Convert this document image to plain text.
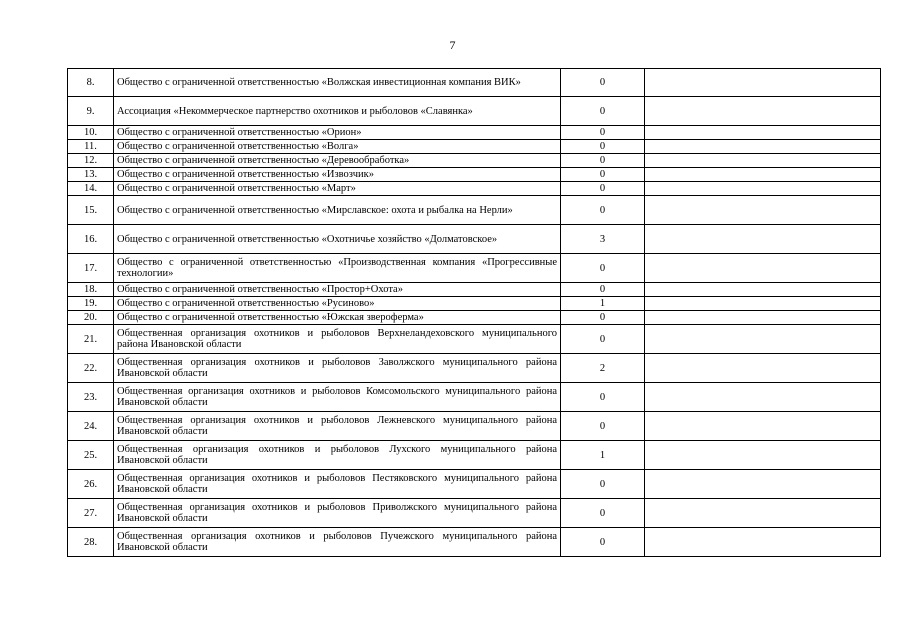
7
8.	Общество с ограниченной ответственностью «Волжская инвестиционная компания ВИК»	0	
9.	Ассоциация «Некоммерческое партнерство охотников и рыболовов «Славянка»	0	
10.	Общество с ограниченной ответственностью «Орион»	0	
11.	Общество с ограниченной ответственностью «Волга»	0	
12.	Общество с ограниченной ответственностью «Деревообработка»	0	
13.	Общество с ограниченной ответственностью «Извозчик»	0	
14.	Общество с ограниченной ответственностью «Март»	0	
15.	Общество с ограниченной ответственностью «Мирславское: охота и рыбалка на Нерли»	0	
16.	Общество с ограниченной ответственностью «Охотничье хозяйство «Долматовское»	3	
17.	Общество с ограниченной ответственностью «Производственная компания «Прогрессивные технологии»	0	
18.	Общество с ограниченной ответственностью «Простор+Охота»	0	
19.	Общество с ограниченной ответственностью «Русиново»	1	
20.	Общество с ограниченной ответственностью «Южская звероферма»	0	
21.	Общественная организация охотников и рыболовов Верхнеландеховского муниципального района Ивановской области	0	
22.	Общественная организация охотников и рыболовов Заволжского муниципального района Ивановской области	2	
23.	Общественная организация охотников и рыболовов Комсомольского муниципального района Ивановской области	0	
24.	Общественная организация охотников и рыболовов Лежневского муниципального района Ивановской области	0	
25.	Общественная организация охотников и рыболовов Лухского муниципального района Ивановской области	1	
26.	Общественная организация охотников и рыболовов Пестяковского муниципального района Ивановской области	0	
27.	Общественная организация охотников и рыболовов Приволжского муниципального района Ивановской области	0	
28.	Общественная организация охотников и рыболовов Пучежского муниципального района Ивановской области	0	
